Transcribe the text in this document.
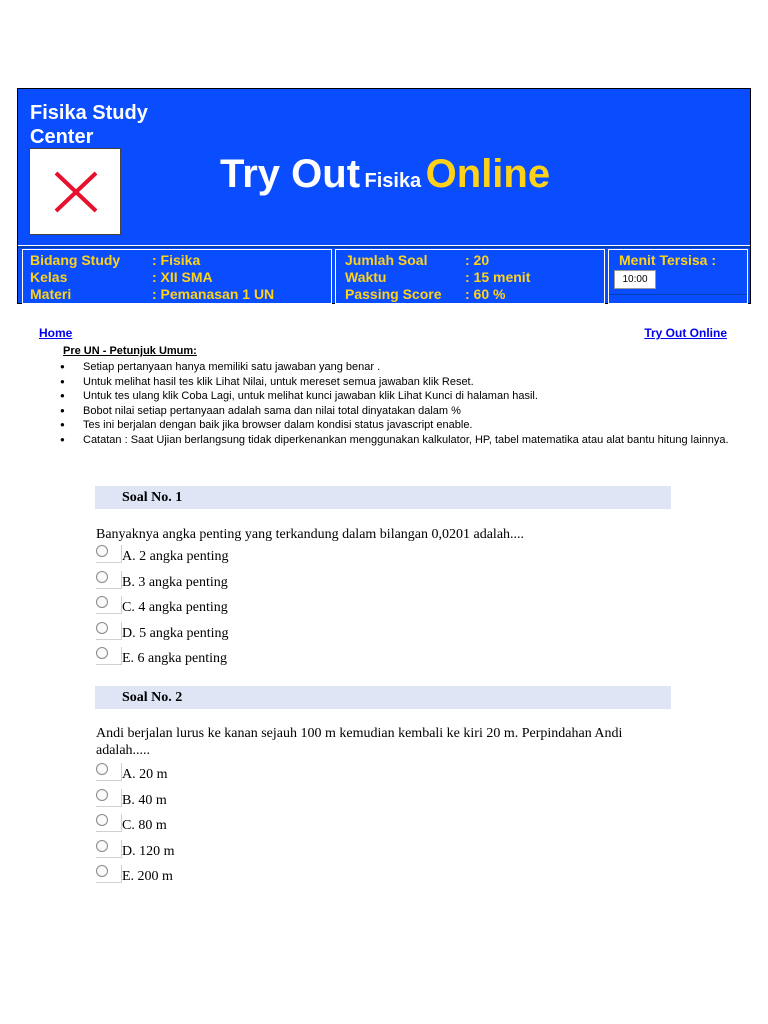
Fisika Study Center
Try Out Fisika Online
Bidang Study	: Fisika
Kelas	: XII SMA
Materi	: Pemanasan 1 UN
Jumlah Soal	: 20
Waktu	: 15 menit
Passing Score	: 60 %
Menit Tersisa :
10:00
Home	Try Out Online
Pre UN - Petunjuk Umum:
● Setiap pertanyaan hanya memiliki satu jawaban yang benar .
● Untuk melihat hasil tes klik Lihat Nilai, untuk mereset semua jawaban klik Reset.
● Untuk tes ulang klik Coba Lagi, untuk melihat kunci jawaban klik Lihat Kunci di halaman hasil.
● Bobot nilai setiap pertanyaan adalah sama dan nilai total dinyatakan dalam %
● Tes ini berjalan dengan baik jika browser dalam kondisi status javascript enable.
● Catatan : Saat Ujian berlangsung tidak diperkenankan menggunakan kalkulator, HP, tabel matematika atau alat bantu hitung lainnya.
Soal No. 1
Banyaknya angka penting yang terkandung dalam bilangan 0,0201 adalah....
A. 2 angka penting
B. 3 angka penting
C. 4 angka penting
D. 5 angka penting
E. 6 angka penting
Soal No. 2
Andi berjalan lurus ke kanan sejauh 100 m kemudian kembali ke kiri 20 m. Perpindahan Andi adalah.....
A. 20 m
B. 40 m
C. 80 m
D. 120 m
E. 200 m
